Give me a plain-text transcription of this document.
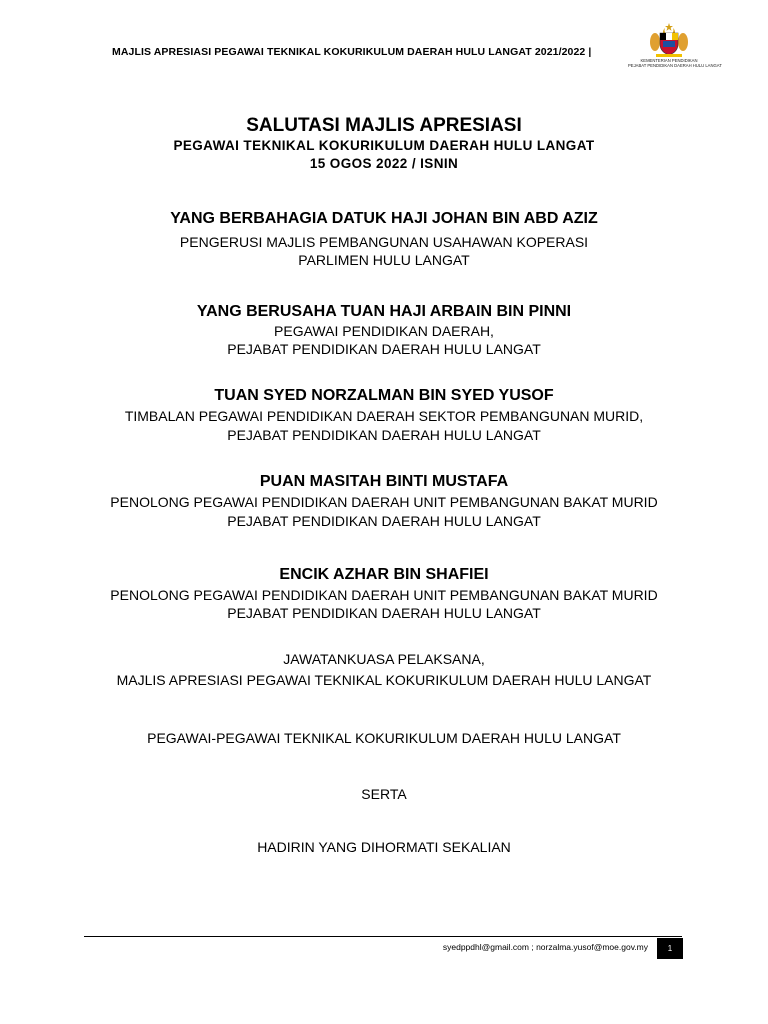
MAJLIS APRESIASI PEGAWAI TEKNIKAL KOKURIKULUM DAERAH HULU LANGAT 2021/2022 |
KEMENTERIAN PENDIDIKAN
PEJABAT PENDIDIKAN DAERAH HULU LANGAT
SALUTASI MAJLIS APRESIASI
PEGAWAI TEKNIKAL KOKURIKULUM DAERAH HULU LANGAT
15 OGOS 2022 / ISNIN
YANG BERBAHAGIA DATUK HAJI JOHAN BIN ABD AZIZ
PENGERUSI MAJLIS PEMBANGUNAN USAHAWAN KOPERASI
PARLIMEN HULU LANGAT
YANG BERUSAHA TUAN HAJI ARBAIN BIN PINNI
PEGAWAI PENDIDIKAN DAERAH,
PEJABAT PENDIDIKAN DAERAH HULU LANGAT
TUAN SYED NORZALMAN BIN SYED YUSOF
TIMBALAN PEGAWAI PENDIDIKAN DAERAH SEKTOR PEMBANGUNAN MURID,
PEJABAT PENDIDIKAN DAERAH HULU LANGAT
PUAN MASITAH BINTI MUSTAFA
PENOLONG PEGAWAI PENDIDIKAN DAERAH UNIT PEMBANGUNAN BAKAT MURID
PEJABAT PENDIDIKAN DAERAH HULU LANGAT
ENCIK AZHAR BIN SHAFIEI
PENOLONG PEGAWAI PENDIDIKAN DAERAH UNIT PEMBANGUNAN BAKAT MURID
PEJABAT PENDIDIKAN DAERAH HULU LANGAT
JAWATANKUASA PELAKSANA,
MAJLIS APRESIASI PEGAWAI TEKNIKAL KOKURIKULUM DAERAH HULU LANGAT
PEGAWAI-PEGAWAI TEKNIKAL KOKURIKULUM DAERAH HULU LANGAT
SERTA
HADIRIN YANG DIHORMATI SEKALIAN
syedppdhl@gmail.com ; norzalma.yusof@moe.gov.my	1
